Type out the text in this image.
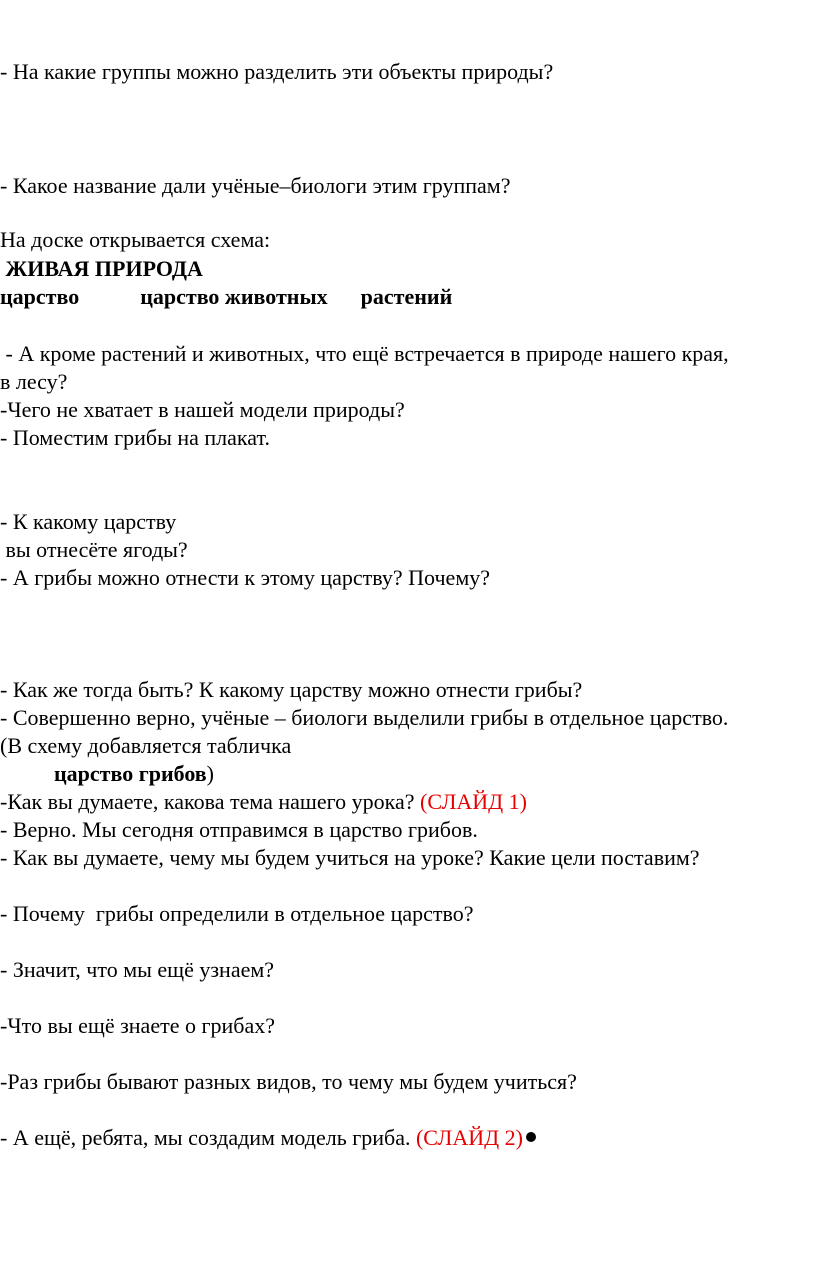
- На какие группы можно разделить эти объекты природы?
- Какое название дали учёные–биологи этим группам?
На доске открывается схема:
ЖИВАЯ ПРИРОДА
царство	царство животных растений
- А кроме растений и животных, что ещё встречается в природе нашего края,
в лесу?
-Чего не хватает в нашей модели природы?
- Поместим грибы на плакат.
- К какому царству
вы отнесёте ягоды?
- А грибы можно отнести к этому царству? Почему?
- Как же тогда быть? К какому царству можно отнести грибы?
- Совершенно верно, учёные – биологи выделили грибы в отдельное царство.
(В схему добавляется табличка
царство грибов)
-Как вы думаете, какова тема нашего урока? (СЛАЙД 1)
- Верно. Мы сегодня отправимся в царство грибов.
- Как вы думаете, чему мы будем учиться на уроке? Какие цели поставим?
- Почему  грибы определили в отдельное царство?
- Значит, что мы ещё узнаем?
-Что вы ещё знаете о грибах?
-Раз грибы бывают разных видов, то чему мы будем учиться?
- А ещё, ребята, мы создадим модель гриба. (СЛАЙД 2)
